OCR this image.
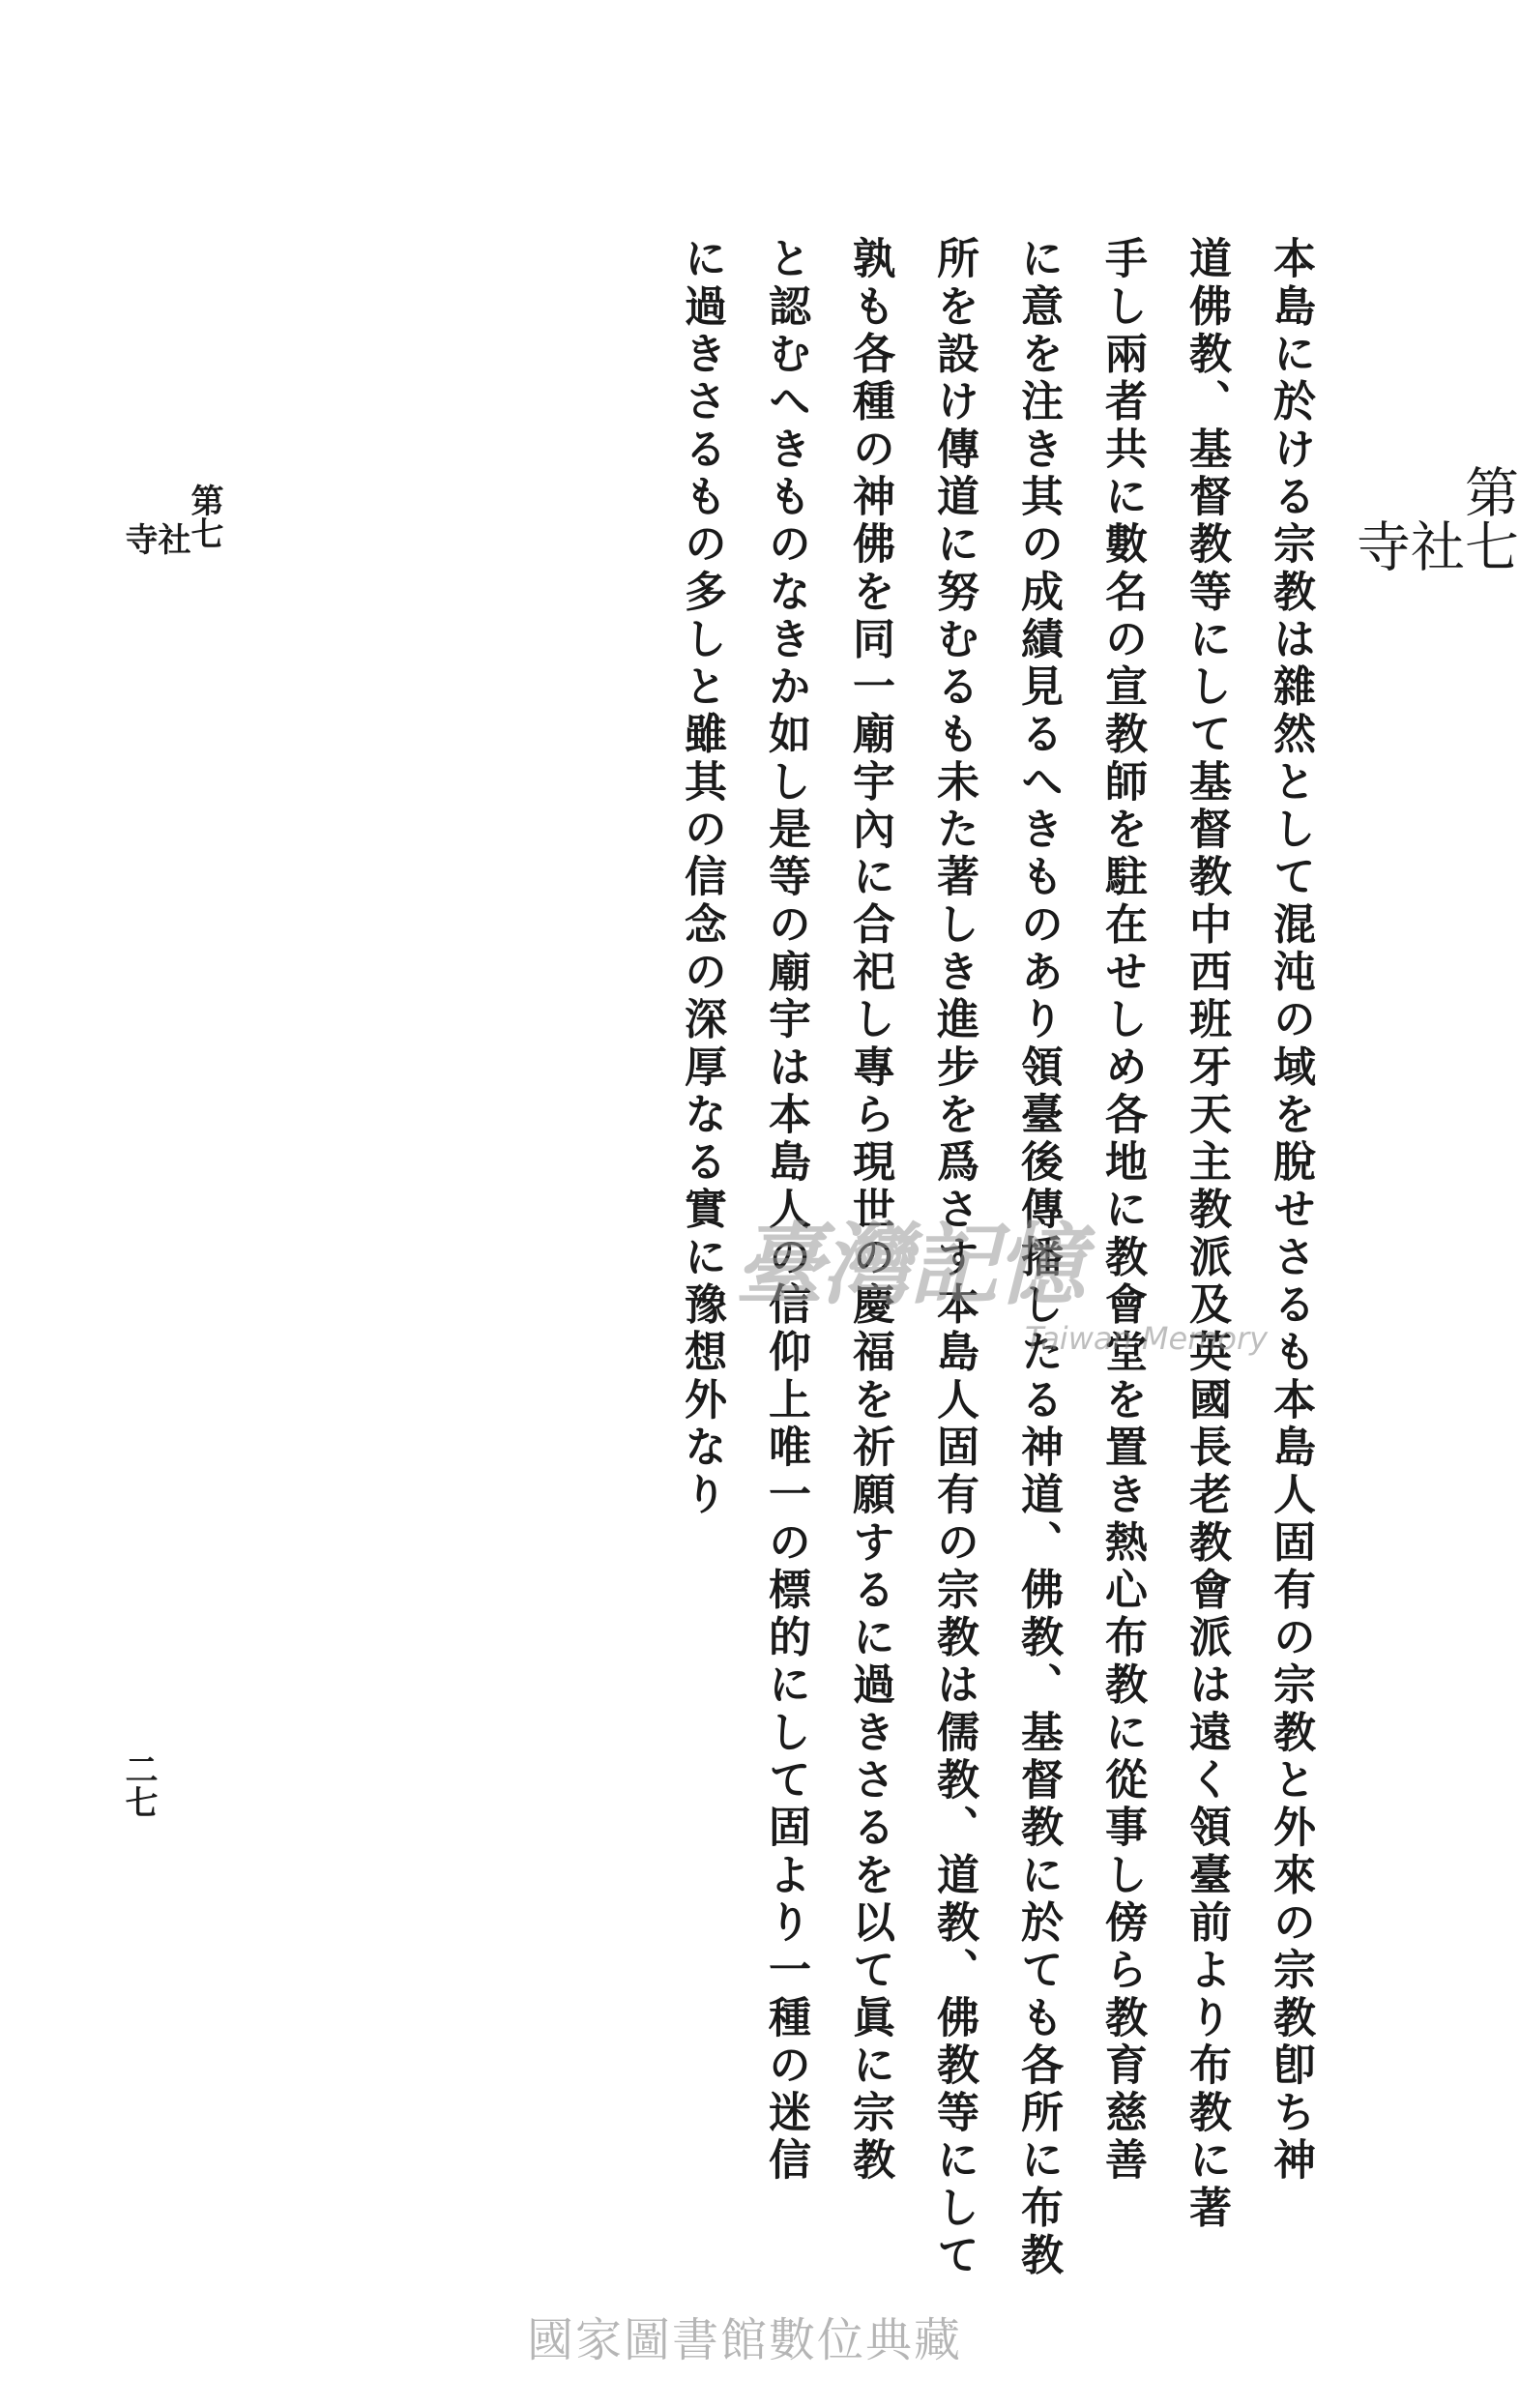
第七
社
寺
本島に於ける宗教は雜然として混沌の域を脫せさるも本島人固有の宗教と外來の宗教卽ち神
道佛教、基督教等にして基督教中西班牙天主教派及英國長老教會派は遠く領臺前より布教に著
手し兩者共に數名の宣教師を駐在せしめ各地に教會堂を置き熱心布教に從事し傍ら教育慈善
に意を注き其の成績見るへきものあり領臺後傳播したる神道、佛教、基督教に於ても各所に布教
所を設け傳道に努むるも未た著しき進步を爲さす本島人固有の宗教は儒教、道教、佛教等にして
孰も各種の神佛を同一廟宇內に合祀し專ら現世の慶福を祈願するに過きさるを以て眞に宗教
と認むへきものなきか如し是等の廟宇は本島人の信仰上唯一の標的にして固より一種の迷信
に過きさるもの多しと雖其の信念の深厚なる實に豫想外なり
第七
社
寺
二七
臺灣記憶
Taiwan Memory
國家圖書館數位典藏
